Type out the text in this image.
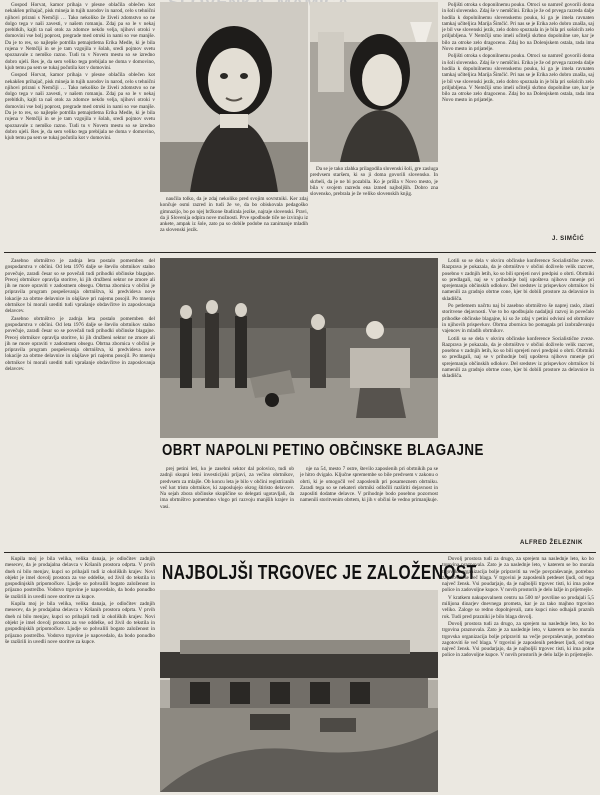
Gospod Horvat, kamor prihaja v plesne oblačila obleč​en kot nekakšen prihajač, pisk ​mineja in tujih narodov in narod, celo s tehnični njihovi prir​ani s Nemčiji … Tako nekoliko že živeli zdomstvo so ne dolgo tega v naši zavesti, v našem romanju. Zdaj pa so le v nekaj prebitkih, kajti ta naš otok za zdomce nekdo velja, njihovi otroki v domovini vse bolj poprost, pregrade med otroki in nami so vse manjše. Da je to res, so najlepše potrdila petnajstletna Erika Medle, ki je bila rojena v Nemčiji in se je tam vzgojila v šolah, sredi pojmov svetu spoznavale z nemško razno. Tudi tu v Novem mestu so se izredno dobro ujeli. Res je, da sem veliko tega prebijala ne doma v domovino, kjub temu pa sem se tukaj počutila kot v domovini.

Gospod Horvat, kamor prihaja v plesne oblačila obleč​en kot nekakšen prihajač, pisk ​mineja in tujih narodov in narod, celo s tehnični njihovi prir​ani s Nemčiji … Tako nekoliko že živeli zdomstvo so ne dolgo tega v naši zavesti, v našem romanju. Zdaj pa so le v nekaj prebitkih, kajti ta naš otok za zdomce nekdo velja, njihovi otroki v domovini vse bolj poprost, pregrade med otroki in nami so vse manjše. Da je to res, so najlepše potrdila petnajstletna Erika Medle, ki je bila rojena v Nemčiji in se je tam vzgojila v šolah, sredi pojmov svetu spoznavale z nemško razno. Tudi tu v Novem mestu so se izredno dobro ujeli. Res je, da sem veliko tega prebijala ne doma v domovino, kjub temu pa sem se tukaj počutila kot v domovini.

naučila tolko, da je zdaj nekoliko pred svojim sovrstniki. Ker zdaj končuje osmi razred in tudi že ve, da bo obiskovala pedagoško gimnazijo, bo po njej bržkone študirala jezike, najraje slovenski. Pravi, da ji Slovenija odpira nove možnosti. Prve spodbude tiče ne izviraju iz ankete, ampak iz šole, zato pa so dobile podobe na zanimanje mladih za slovenski jezik.

Da se je tako zlahka prilagodila slovenski šoli, gre zasluga predvsem staršem, ki so ji doma govorili slovensko. In skrbeli, da je ne bi pozabila. Ko je prišla v Novo mesto, je bila v svojem razredu ena izmed najboljših. Dobro zna slovensko, prebrala je že veliko slovenskih knjig.

Poljišti otroka s doponilnemu pouku. Otroci so namreč govorili doma in šoli slovensko. Zdaj še v nemščini. Erika je že od prvega razreda dalje hodila k dopolnilnemu slovenskemu pouku, ki ga je imela ravnaten tamkaj učiteljica Marija Šimčić. Pri nas se je Erika zelo dobro znašla, saj je bil vse slovenski jezik, zelo dobro spoznala in je bila pri sošolcih zelo priljubljena. V Nemčiji smo imeli učitelji skrbno dopolnilne ure, kar je bilo za otroke zelo dragoceno. Zdaj bo na Dolenjskem ostala, rada ima Novo mesto in prijatelje.

Poljišti otroka s doponilnemu pouku. Otroci so namreč govorili doma in šoli slovensko. Zdaj še v nemščini. Erika je že od prvega razreda dalje hodila k dopolnilnemu slovenskemu pouku, ki ga je imela ravnaten tamkaj učiteljica Marija Šimčić. Pri nas se je Erika zelo dobro znašla, saj je bil vse slovenski jezik, zelo dobro spoznala in je bila pri sošolcih zelo priljubljena. V Nemčiji smo imeli učitelji skrbno dopolnilne ure, kar je bilo za otroke zelo dragoceno. Zdaj bo na Dolenjskem ostala, rada ima Novo mesto in prijatelje.

J. SIMČIĆ

Zasebno obrtništvo je zadnja leta postalo pomemben del gospodarstva v občini. Od leta 1976 dalje se število obrtnikov stalno povečuje, zaradi česar so se povečali tudi prihodki občinske blagajne. Precej obrtnikov opravlja storitve, ki jih družbeni sektor ne zmore ali jih ne more opraviti v zadostnem obsegu. Obrtna zbornica v občini je pripravila program pospeševanja obrtništva, ki predvideva nove lokacije za obrtne delavnice in olajšave pri najemu posojil. Po mnenju obrtnikov bi morali urediti tudi vprašanje obdavčitve in zaposlovanja delavcev.

Zasebno obrtništvo je zadnja leta postalo pomemben del gospodarstva v občini. Od leta 1976 dalje se število obrtnikov stalno povečuje, zaradi česar so se povečali tudi prihodki občinske blagajne. Precej obrtnikov opravlja storitve, ki jih družbeni sektor ne zmore ali jih ne more opraviti v zadostnem obsegu. Obrtna zbornica v občini je pripravila program pospeševanja obrtništva, ki predvideva nove lokacije za obrtne delavnice in olajšave pri najemu posojil. Po mnenju obrtnikov bi morali urediti tudi vprašanje obdavčitve in zaposlovanja delavcev.

OBRT NAPOLNI PETINO OBČINSKE BLAGAJNE

prej petini leti, ko je zasebni sektor dal polovico, tudi ob zadnji skupni letni investicijski prijavi, za večino obrtnikov, predvsem za mlajše. Ob koncu leta je bilo v občini registriranih več kot tristo obrtnikov, ki zaposlujejo okrog štiristo delavcev. Na sejah zbora občinske skupščine so delegati ugotavljali, da ima obrtništvo pomembno vlogo pri razvoju manjših krajev in vasi.

nje na 54, mesto 7 ostre, število zaposlenih pri obrtnikih pa se je hitro dvigalo. Ključne spremembe so bile predvsem v zakonu o obrti, ki je omogočil več zaposlenih pri posameznem obrtniku. Zaradi tega so se nekateri obrtniki odločili razširiti dejavnost in zaposliti dodatne delavce. V prihodnje bodo posebno pozornost namenili storitvenim obrtem, ki jih v občini še vedno primanjkuje.

Lotili so se dela v okviru občinske konference Socialistične zveze. Razprava je pokazala, da je obrtništvo v občini doživelo velik razcvet, posebno v zadnjih letih, ko so bili sprejeti novi predpisi o obrti. Obrtniki so predlagali, naj se v prihodnje bolj upošteva njihovo mnenje pri sprejemanju občinskih odlokov. Del sredstev iz prispevkov obrtnikov bi namenili za gradnjo obrtne cone, kjer bi dobili prostore za delavnice in skladišča.

Po petletnem načrtu naj bi zasebno obrtništvo še naprej raslo, zlasti storitvene dejavnosti. Vse to bo spodbujalo nadaljnji razvoj in povečalo prihodke občinske blagajne, ki so že zdaj v petini odvisni od obrtnikov in njihovih prispevkov. Obrtna zbornica bo pomagala pri izobraževanju vajencev in mladih obrtnikov.

Lotili so se dela v okviru občinske konference Socialistične zveze. Razprava je pokazala, da je obrtništvo v občini doživelo velik razcvet, posebno v zadnjih letih, ko so bili sprejeti novi predpisi o obrti. Obrtniki so predlagali, naj se v prihodnje bolj upošteva njihovo mnenje pri sprejemanju občinskih odlokov. Del sredstev iz prispevkov obrtnikov bi namenili za gradnjo obrtne cone, kjer bi dobili prostore za delavnice in skladišča.

ALFRED ŽELEZNIK

Kupila moj je bila velika, velika danaja, je odločitev zadnjih mesecev, da je prodajalna delavca v Kršanih prostora odprta. V prvih dneh ni bilo menjav, kupci so prihajali tudi iz okoliških krajev. Novi objekt je imel dovolj prostora za vse oddelke, od živil do tekstila in gospodinjskih pripomočkov. Ljudje so pohvalili bogato založenost in prijazno postrežbo. Vodstvo trgovine je napovedalo, da bodo ponudbo še razširili in uvedli nove storitve za kupce.

Kupila moj je bila velika, velika danaja, je odločitev zadnjih mesecev, da je prodajalna delavca v Kršanih prostora odprta. V prvih dneh ni bilo menjav, kupci so prihajali tudi iz okoliških krajev. Novi objekt je imel dovolj prostora za vse oddelke, od živil do tekstila in gospodinjskih pripomočkov. Ljudje so pohvalili bogato založenost in prijazno postrežbo. Vodstvo trgovine je napovedalo, da bodo ponudbo še razširili in uvedli nove storitve za kupce.

NAJBOLJŠI TRGOVEC JE ZALOŽENOST

Dovolj prostora tudi za drugo, za sprejem na naslednje leto, ko bo trgovina praznovala. Zato je za naslednje leto, v katerem se bo morala trgovska organizacija bolje pripraviti na večje povpraševanje, potrebno zagotoviti še več blaga. V trgovini je zaposlenih petdeset ljudi, od tega največ žensk. Vsi poudarjajo, da je najboljši trgovec tisti, ki ima polne police in zadovoljne kupce. V novih prostorih je delo lažje in prijetnejše.

V kratkem nakupovalnem centru na 500 m² površine so prodajali 5,5 milijona dinarjev dnevnega prometa, kar je za tako majhno trgovino veliko. Zaloge so redno dopolnjevali, zato kupci niso odhajali praznih rok. Tudi pred prazniki je bilo blaga dovolj.

Dovolj prostora tudi za drugo, za sprejem na naslednje leto, ko bo trgovina praznovala. Zato je za naslednje leto, v katerem se bo morala trgovska organizacija bolje pripraviti na večje povpraševanje, potrebno zagotoviti še več blaga. V trgovini je zaposlenih petdeset ljudi, od tega največ žensk. Vsi poudarjajo, da je najboljši trgovec tisti, ki ima polne police in zadovoljne kupce. V novih prostorih je delo lažje in prijetnejše.
